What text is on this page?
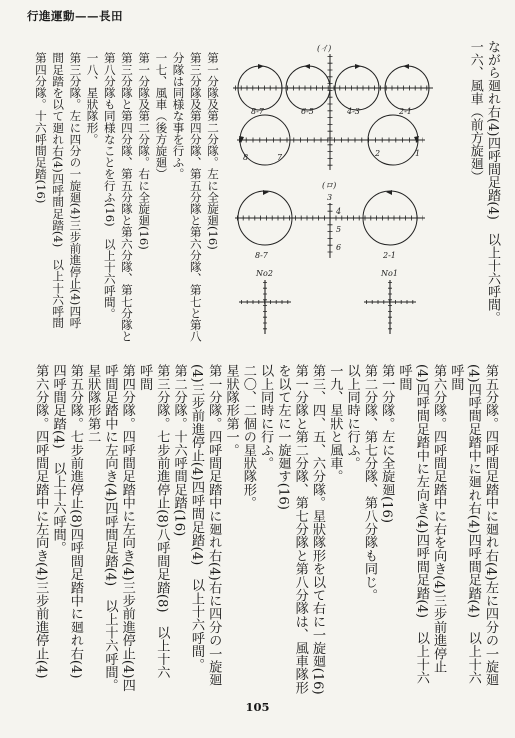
行進運動——長田
ながら廻れ右(4)四呼間足踏(4)　以上十六呼間。
一六、風車（前方旋廻）
(イ)
8-7	6-5	4-3	2-1
8	7	2	1
(ロ)
3
4
5
6
8-7	2-1
No2	No1
第一分隊及第二分隊。左に全旋廻(16)
第三分隊及第四分隊、第五分隊と第六分隊、第七と第八
分隊は同様な事を行ふ。
一七、風車（後方旋廻）
第一分隊及第二分隊。右に全旋廻(16)
第三分隊と第四分隊、第五分隊と第六分隊、第七分隊と
第八分隊も同様なことを行ふ(16)　以上十六呼間。
一八、星狀隊形。
第三分隊。左に四分の一旋廻(4)三步前進停止(4)四呼
間足踏を以て廻れ右(4)四呼間足踏(4)　以上十六呼間
第四分隊。十六呼間足踏(16)
第五分隊。四呼間足踏中に廻れ右(4)左に四分の一旋廻
(4)四呼間足踏中に廻れ右(4)四呼間足踏(4)　以上十六
呼間
第六分隊。四呼間足踏中に右を向き(4)三步前進停止
(4)四呼間足踏中に左向き(4)四呼間足踏(4)　以上十六
呼間
第一分隊。左に全旋廻(16)
第二分隊、第七分隊、第八分隊も同じ。
以上同時に行ふ。
一九、星狀と風車。
第三、四、五、六分隊。星狀隊形を以て右に一旋廻(16)
第一分隊と第二分隊、第七分隊と第八分隊は、風車隊形
を以て左に一旋廻す(16)
以上同時に行ふ。
二〇、二個の星狀隊形。
星狀隊形第一。
第一分隊。四呼間足踏中に廻れ右(4)右に四分の一旋廻
(4)三步前進停止(4)四呼間足踏(4)　以上十六呼間。
第二分隊。十六呼間足踏(16)
第三分隊。七步前進停止(8)八呼間足踏(8)　以上十六
呼間
第四分隊。四呼間足踏中に左向き(4)三步前進停止(4)四
呼間足踏中に左向き(4)四呼間足踏(4)　以上十六呼間。
星狀隊形第二
第五分隊。七步前進停止(8)四呼間足踏中に廻れ右(4)
四呼間足踏(4)　以上十六呼間。
第六分隊。四呼間足踏中に左向き(4)三步前進停止(4)
105
